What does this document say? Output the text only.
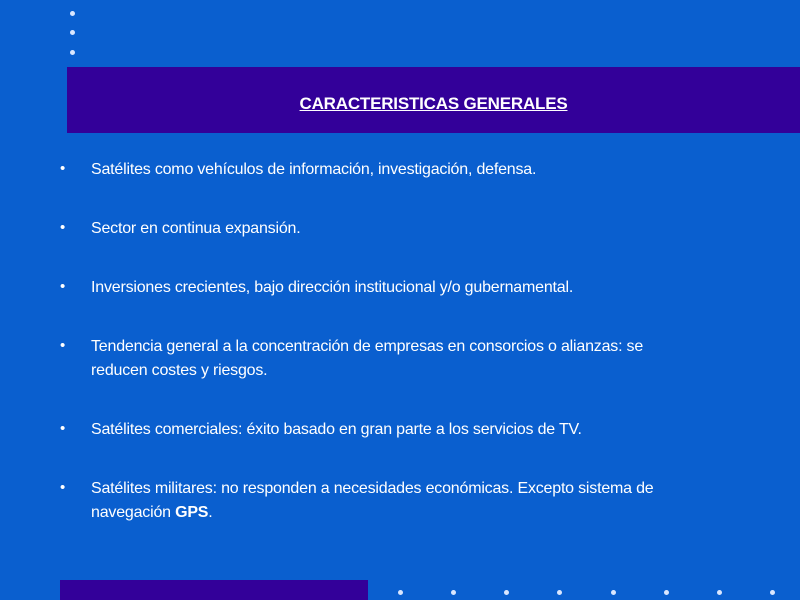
CARACTERISTICAS GENERALES
• Satélites como vehículos de información, investigación, defensa.
• Sector en continua expansión.
• Inversiones crecientes, bajo dirección institucional y/o gubernamental.
• Tendencia general a la concentración de empresas en consorcios o alianzas: se reducen costes y riesgos.
• Satélites comerciales: éxito basado en gran parte a los servicios de TV.
• Satélites militares: no responden a necesidades económicas. Excepto sistema de navegación GPS.
